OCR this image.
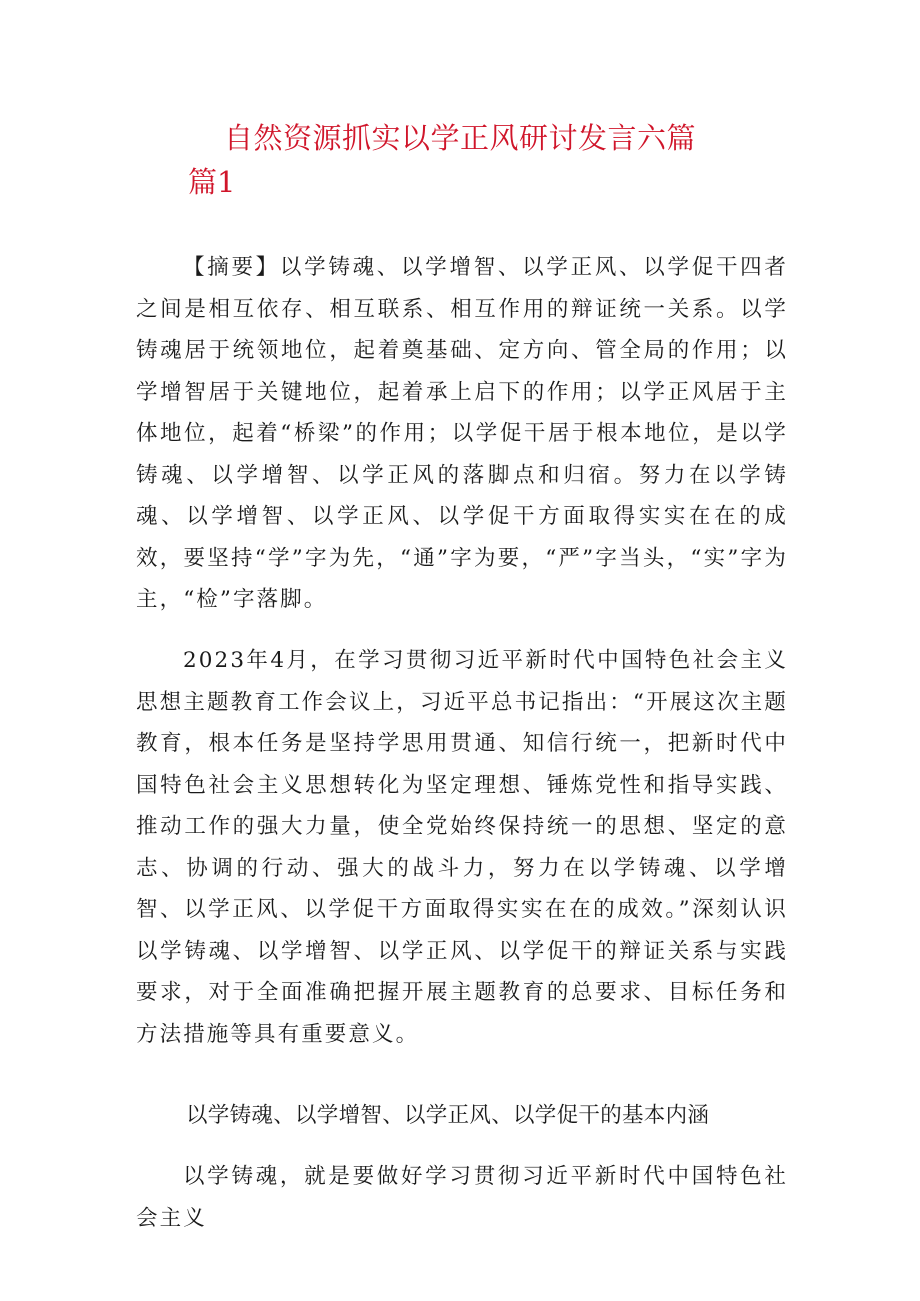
自然资源抓实以学正风研讨发言六篇
篇1

【摘要】以学铸魂、以学增智、以学正风、以学促干四者之间是相互依存、相互联系、相互作用的辩证统一关系。以学铸魂居于统领地位，起着奠基础、定方向、管全局的作用；以学增智居于关键地位，起着承上启下的作用；以学正风居于主体地位，起着“桥梁”的作用；以学促干居于根本地位，是以学铸魂、以学增智、以学正风的落脚点和归宿。努力在以学铸魂、以学增智、以学正风、以学促干方面取得实实在在的成效，要坚持“学”字为先，“通”字为要，“严”字当头，“实”字为主，“检”字落脚。

2023年4月，在学习贯彻习近平新时代中国特色社会主义思想主题教育工作会议上，习近平总书记指出：“开展这次主题教育，根本任务是坚持学思用贯通、知信行统一，把新时代中国特色社会主义思想转化为坚定理想、锤炼党性和指导实践、推动工作的强大力量，使全党始终保持统一的思想、坚定的意志、协调的行动、强大的战斗力，努力在以学铸魂、以学增智、以学正风、以学促干方面取得实实在在的成效。”深刻认识以学铸魂、以学增智、以学正风、以学促干的辩证关系与实践要求，对于全面准确把握开展主题教育的总要求、目标任务和方法措施等具有重要意义。

以学铸魂、以学增智、以学正风、以学促干的基本内涵

以学铸魂，就是要做好学习贯彻习近平新时代中国特色社会主义
